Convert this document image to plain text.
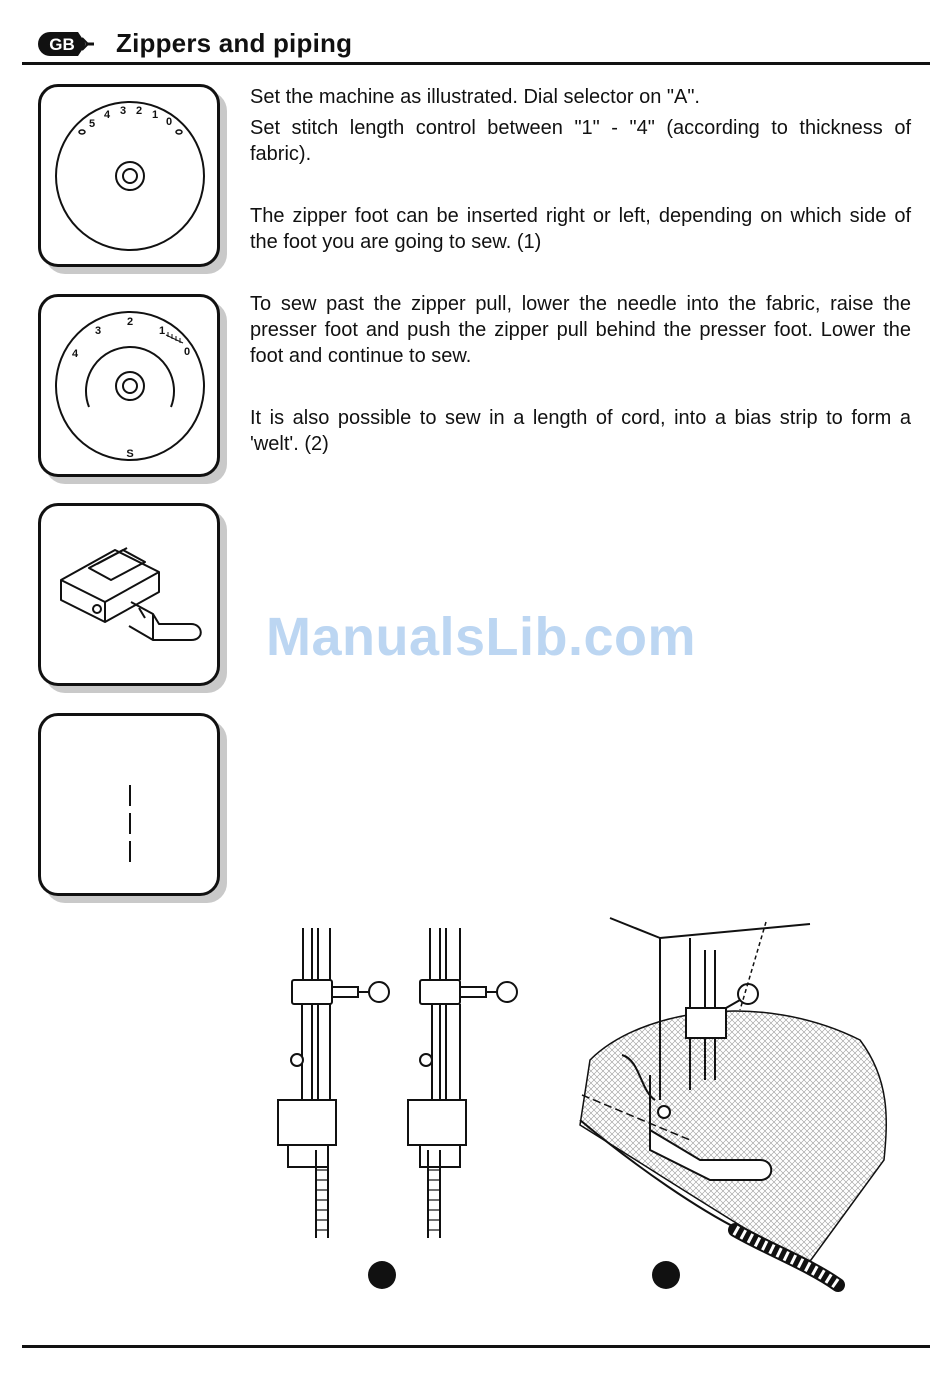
GB Zippers and piping
5
4 3 2 1
0
4
3
2
1
0
S

Set the machine as illustrated. Dial selector on "A".

Set stitch length control between "1" - "4" (according to thickness of fabric).

The zipper foot can be inserted right or left, depending on which side of the foot you are going to sew. (1)

To sew past the zipper pull, lower the needle into the fabric, raise the presser foot and push the zipper pull behind the presser foot. Lower the foot and continue to sew.

It is also possible to sew in a length of cord, into a bias strip to form a 'welt'. (2)

ManualsLib.com
